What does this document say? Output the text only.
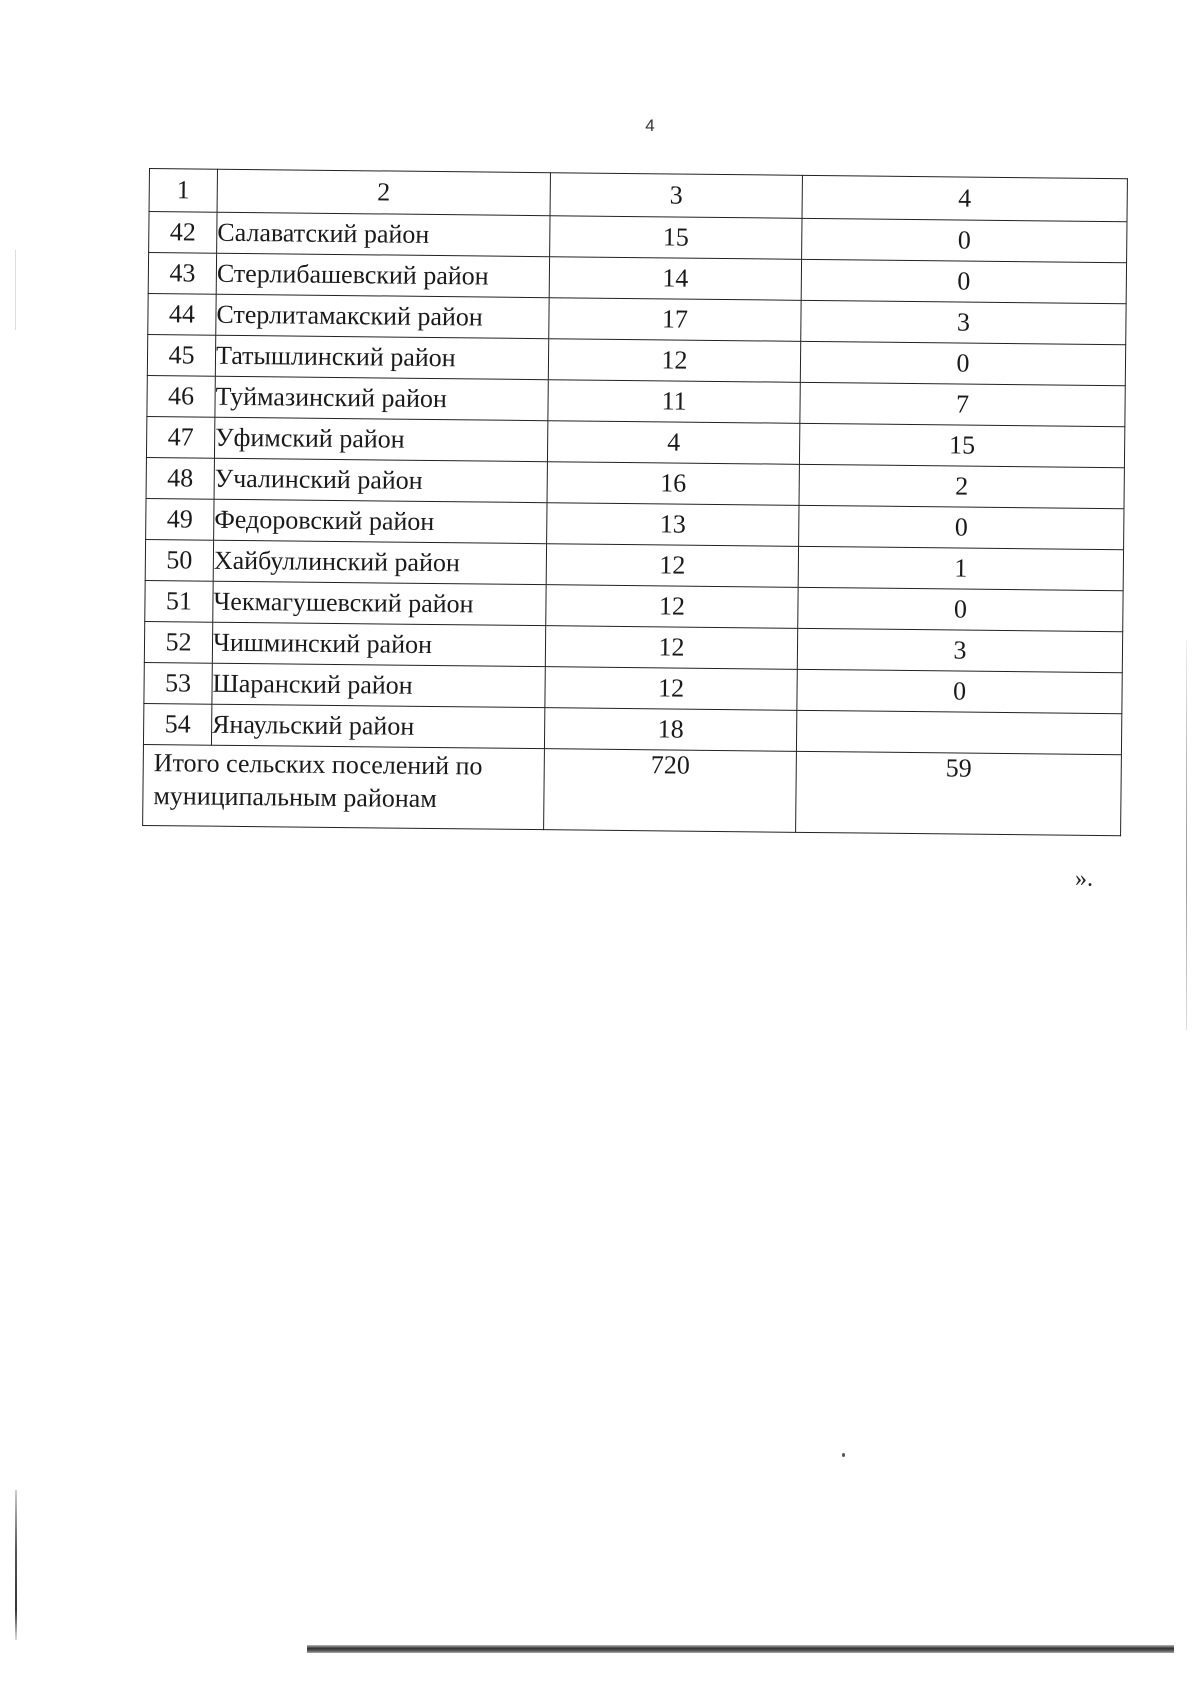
4
1	2	3	4
42	Салаватский район	15	0
43	Стерлибашевский район	14	0
44	Стерлитамакский район	17	3
45	Татышлинский район	12	0
46	Туймазинский район	11	7
47	Уфимский район	4	15
48	Учалинский район	16	2
49	Федоровский район	13	0
50	Хайбуллинский район	12	1
51	Чекмагушевский район	12	0
52	Чишминский район	12	3
53	Шаранский район	12	0
54	Янаульский район	18	
Итого сельских поселений по
муниципальным районам		720	59
».
